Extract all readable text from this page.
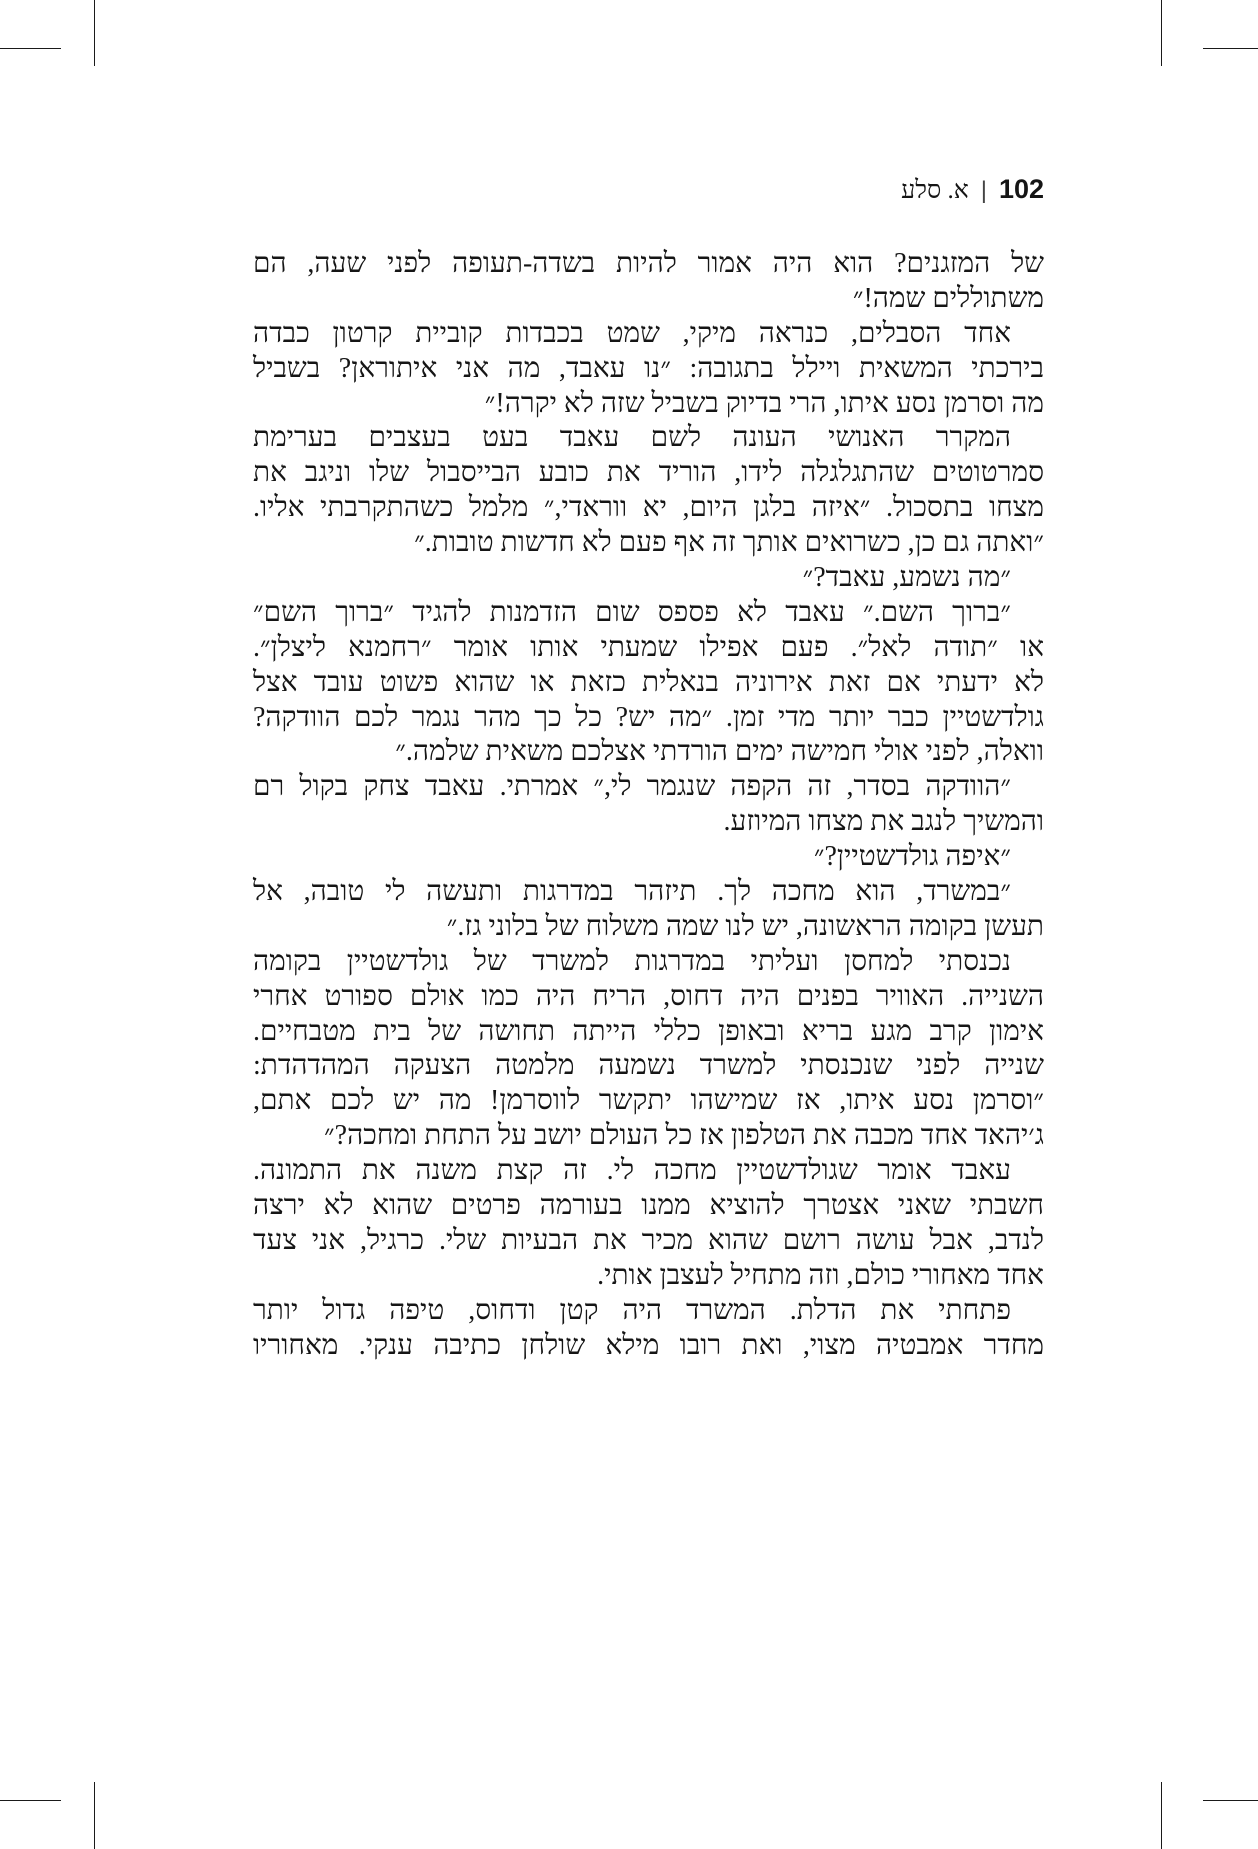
102
|
א. סלע
של המזגנים? הוא היה אמור להיות בשדה-תעופה לפני שעה, הם
משתוללים שמה!״
אחד הסבלים, כנראה מיקי, שמט בכבדות קוביית קרטון כבדה
בירכתי המשאית ויילל בתגובה: ״נו עאבד, מה אני איתוראן? בשביל
מה וסרמן נסע איתו, הרי בדיוק בשביל שזה לא יקרה!״
המקרר האנושי העונה לשם עאבד בעט בעצבים בערימת
סמרטוטים שהתגלגלה לידו, הוריד את כובע הבייסבול שלו וניגב את
מצחו בתסכול. ״איזה בלגן היום, יא ווראדי,״ מלמל כשהתקרבתי אליו.
״ואתה גם כן, כשרואים אותך זה אף פעם לא חדשות טובות.״
״מה נשמע, עאבד?״
״ברוך השם.״ עאבד לא פספס שום הזדמנות להגיד ״ברוך השם״
או ״תודה לאל״. פעם אפילו שמעתי אותו אומר ״רחמנא ליצלן״.
לא ידעתי אם זאת אירוניה בנאלית כזאת או שהוא פשוט עובד אצל
גולדשטיין כבר יותר מדי זמן. ״מה יש? כל כך מהר נגמר לכם הוודקה?
וואלה, לפני אולי חמישה ימים הורדתי אצלכם משאית שלמה.״
״הוודקה בסדר, זה הקפה שנגמר לי,״ אמרתי. עאבד צחק בקול רם
והמשיך לנגב את מצחו המיוזע.
״איפה גולדשטיין?״
״במשרד, הוא מחכה לך. תיזהר במדרגות ותעשה לי טובה, אל
תעשן בקומה הראשונה, יש לנו שמה משלוח של בלוני גז.״
נכנסתי למחסן ועליתי במדרגות למשרד של גולדשטיין בקומה
השנייה. האוויר בפנים היה דחוס, הריח היה כמו אולם ספורט אחרי
אימון קרב מגע בריא ובאופן כללי הייתה תחושה של בית מטבחיים.
שנייה לפני שנכנסתי למשרד נשמעה מלמטה הצעקה המהדהדת:
״וסרמן נסע איתו, אז שמישהו יתקשר לווסרמן! מה יש לכם אתם,
ג׳יהאד אחד מכבה את הטלפון אז כל העולם יושב על התחת ומחכה?״
עאבד אומר שגולדשטיין מחכה לי. זה קצת משנה את התמונה.
חשבתי שאני אצטרך להוציא ממנו בעורמה פרטים שהוא לא ירצה
לנדב, אבל עושה רושם שהוא מכיר את הבעיות שלי. כרגיל, אני צעד
אחד מאחורי כולם, וזה מתחיל לעצבן אותי.
פתחתי את הדלת. המשרד היה קטן ודחוס, טיפה גדול יותר
מחדר אמבטיה מצוי, ואת רובו מילא שולחן כתיבה ענקי. מאחוריו
